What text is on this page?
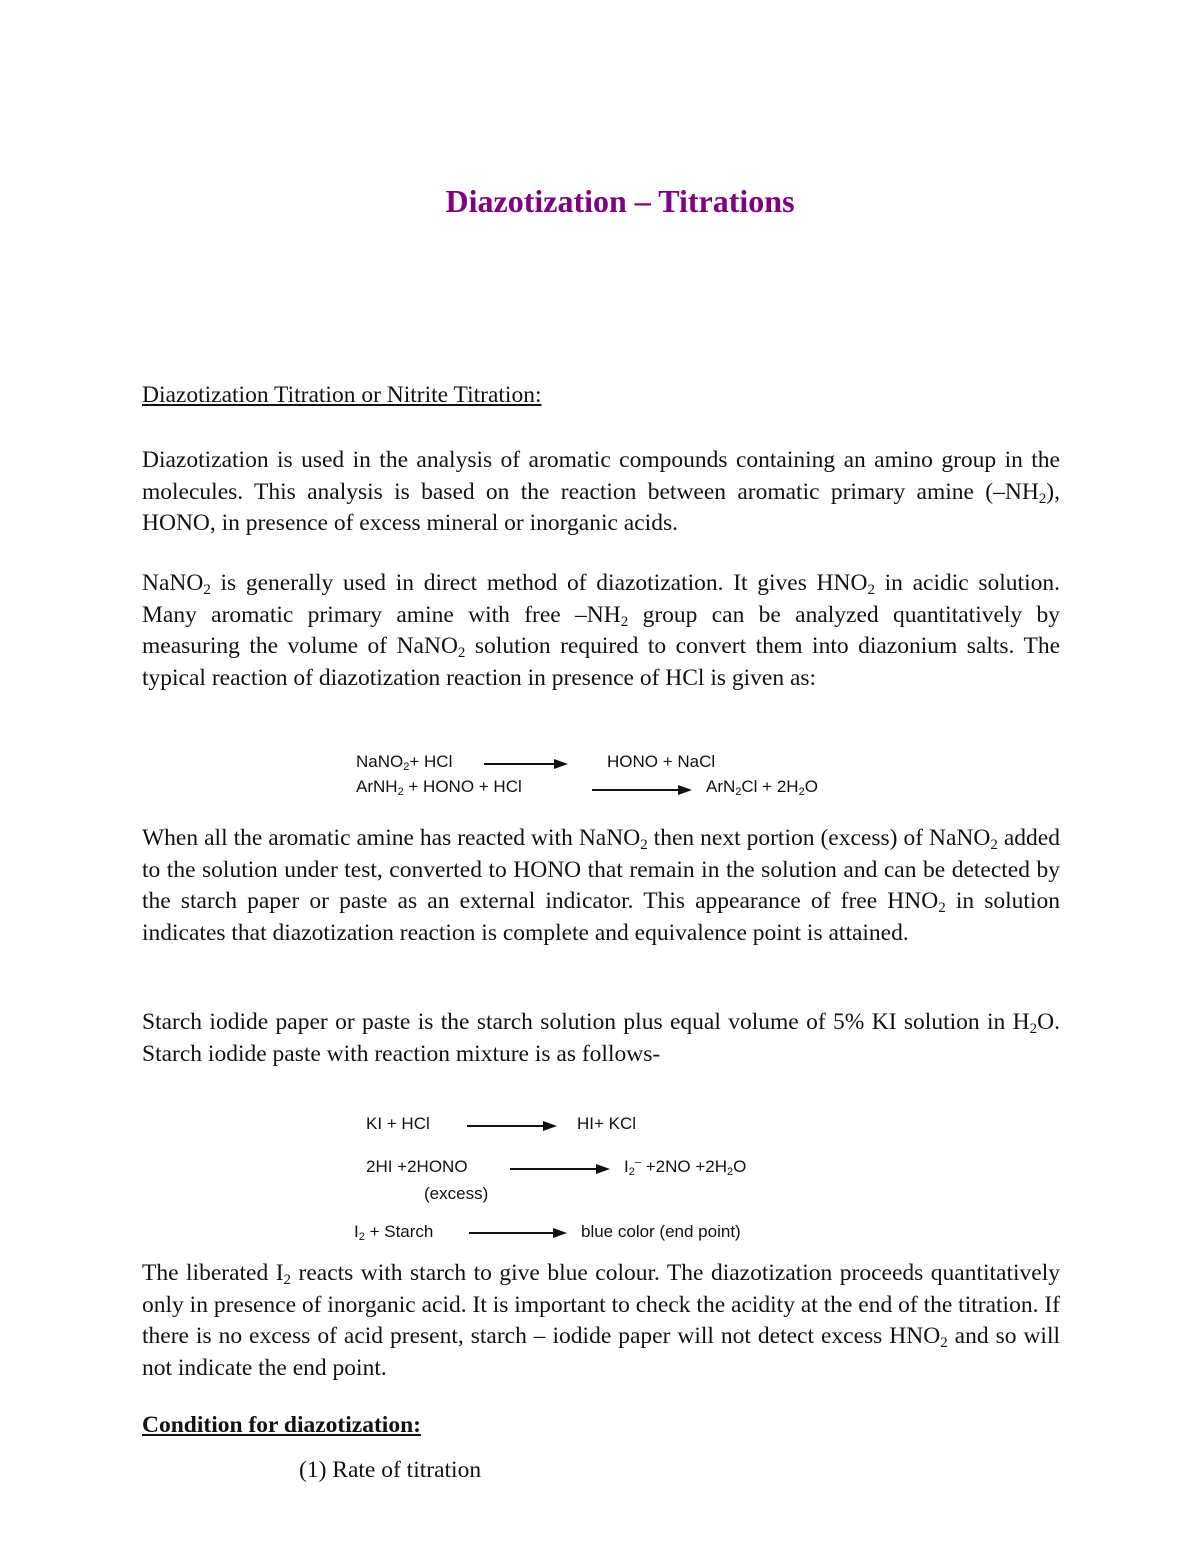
Diazotization – Titrations

Diazotization Titration or Nitrite Titration:

Diazotization is used in the analysis of aromatic compounds containing an amino group in the molecules. This analysis is based on the reaction between aromatic primary amine $(-NH_2)$, HONO, in presence of excess mineral or inorganic acids.

NaNO$_2$ is generally used in direct method of diazotization. It gives $HNO_2$ in acidic solution. Many aromatic primary amine with free $-NH_2$ group can be analyzed quantitatively by measuring the volume of NaNO$_2$ solution required to convert them into diazonium salts. The typical reaction of diazotization reaction in presence of HCl is given as:

NaNO$_2$+ HCl	HONO + NaCl
ArNH$_2$ + HONO + HCl	$ArN_2Cl + 2H_2O$

When all the aromatic amine has reacted with NaNO$_2$ then next portion (excess) of NaNO$_2$ added to the solution under test, converted to HONO that remain in the solution and can be detected by the starch paper or paste as an external indicator. This appearance of free $HNO_2$ in solution indicates that diazotization reaction is complete and equivalence point is attained.

Starch iodide paper or paste is the starch solution plus equal volume of 5% KI solution in $H_2O$. Starch iodide paste with reaction mixture is as follows-

KI + HCl	HI+ KCl
2HI +2HONO	$I_2^- +2NO +2H_2O$
(excess)
$I_2$ + Starch	blue color (end point)

The liberated $I_2$ reacts with starch to give blue colour. The diazotization proceeds quantitatively only in presence of inorganic acid. It is important to check the acidity at the end of the titration. If there is no excess of acid present, starch – iodide paper will not detect excess $HNO_2$ and so will not indicate the end point.

Condition for diazotization:

(1) Rate of titration
